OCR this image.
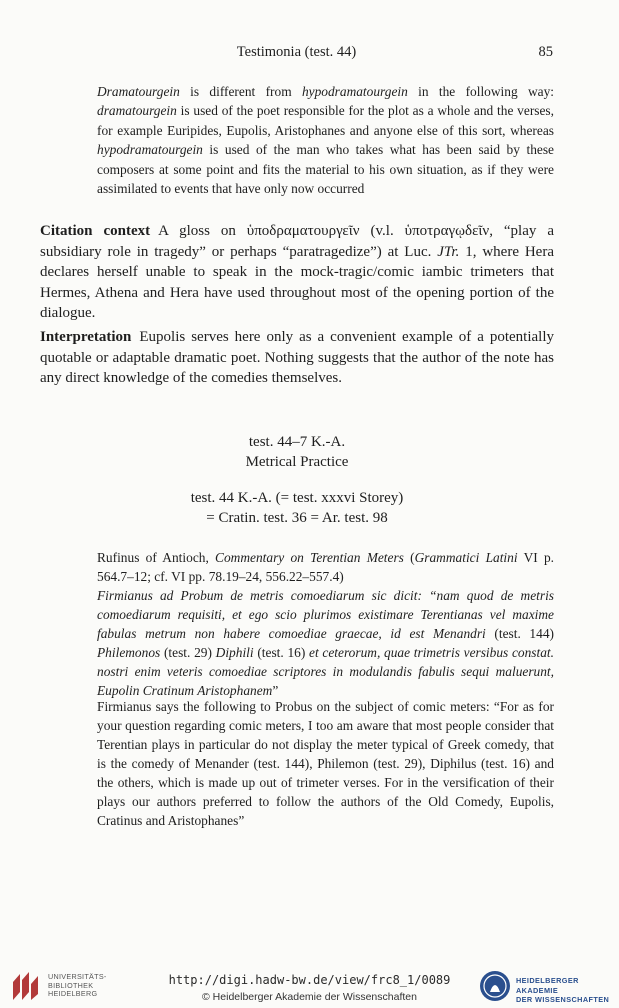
Testimonia (test. 44)	85
Dramatourgein is different from hypodramatourgein in the following way: dramatourgein is used of the poet responsible for the plot as a whole and the verses, for example Euripides, Eupolis, Aristophanes and anyone else of this sort, whereas hypodramatourgein is used of the man who takes what has been said by these composers at some point and fits the material to his own situation, as if they were assimilated to events that have only now occurred
Citation context A gloss on ὑποδραματουργεῖν (v.l. ὑποτραγῳδεῖν, “play a subsidiary role in tragedy” or perhaps “paratragedize”) at Luc. JTr. 1, where Hera declares herself unable to speak in the mock-tragic/comic iambic trimeters that Hermes, Athena and Hera have used throughout most of the opening portion of the dialogue.
Interpretation Eupolis serves here only as a convenient example of a potentially quotable or adaptable dramatic poet. Nothing suggests that the author of the note has any direct knowledge of the comedies themselves.
test. 44–7 K.-A.
Metrical Practice
test. 44 K.-A. (= test. xxxvi Storey)
= Cratin. test. 36 = Ar. test. 98
Rufinus of Antioch, Commentary on Terentian Meters (Grammatici Latini VI p. 564.7–12; cf. VI pp. 78.19–24, 556.22–557.4)
Firmianus ad Probum de metris comoediarum sic dicit: “nam quod de metris comoediarum requisiti, et ego scio plurimos existimare Terentianas vel maxime fabulas metrum non habere comoediae graecae, id est Menandri (test. 144) Philemonos (test. 29) Diphili (test. 16) et ceterorum, quae trimetris versibus constat. nostri enim veteris comoediae scriptores in modulandis fabulis sequi maluerunt, Eupolin Cratinum Aristophanem”
Firmianus says the following to Probus on the subject of comic meters: “For as for your question regarding comic meters, I too am aware that most people consider that Terentian plays in particular do not display the meter typical of Greek comedy, that is the comedy of Menander (test. 144), Philemon (test. 29), Diphilus (test. 16) and the others, which is made up out of trimeter verses. For in the versification of their plays our authors preferred to follow the authors of the Old Comedy, Eupolis, Cratinus and Aristophanes”
UNIVERSITÄTS-
BIBLIOTHEK
HEIDELBERG
http://digi.hadw-bw.de/view/frc8_1/0089
© Heidelberger Akademie der Wissenschaften
HEIDELBERGER AKADEMIE
DER WISSENSCHAFTEN
